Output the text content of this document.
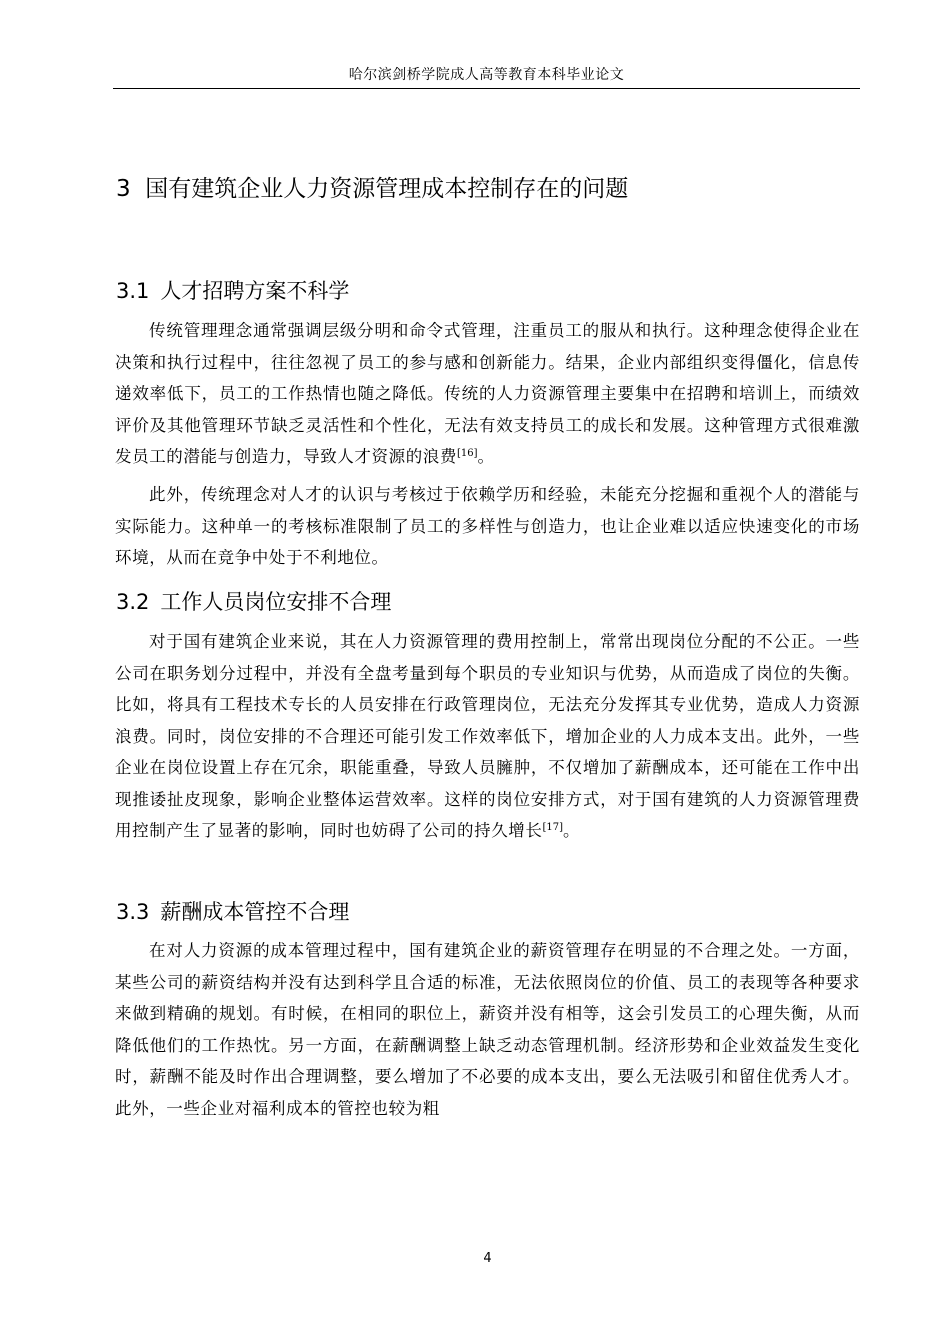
哈尔滨剑桥学院成人高等教育本科毕业论文
3 国有建筑企业人力资源管理成本控制存在的问题
3.1 人才招聘方案不科学

传统管理理念通常强调层级分明和命令式管理，注重员工的服从和执行。这种理念使得企业在决策和执行过程中，往往忽视了员工的参与感和创新能力。结果，企业内部组织变得僵化，信息传递效率低下，员工的工作热情也随之降低。传统的人力资源管理主要集中在招聘和培训上，而绩效评价及其他管理环节缺乏灵活性和个性化，无法有效支持员工的成长和发展。这种管理方式很难激发员工的潜能与创造力，导致人才资源的浪费[16]。

此外，传统理念对人才的认识与考核过于依赖学历和经验，未能充分挖掘和重视个人的潜能与实际能力。这种单一的考核标准限制了员工的多样性与创造力，也让企业难以适应快速变化的市场环境，从而在竞争中处于不利地位。

3.2 工作人员岗位安排不合理

对于国有建筑企业来说，其在人力资源管理的费用控制上，常常出现岗位分配的不公正。一些公司在职务划分过程中，并没有全盘考量到每个职员的专业知识与优势，从而造成了岗位的失衡。比如，将具有工程技术专长的人员安排在行政管理岗位，无法充分发挥其专业优势，造成人力资源浪费。同时，岗位安排的不合理还可能引发工作效率低下，增加企业的人力成本支出。此外，一些企业在岗位设置上存在冗余，职能重叠，导致人员臃肿，不仅增加了薪酬成本，还可能在工作中出现推诿扯皮现象，影响企业整体运营效率。这样的岗位安排方式，对于国有建筑的人力资源管理费用控制产生了显著的影响，同时也妨碍了公司的持久增长[17]。

3.3 薪酬成本管控不合理

在对人力资源的成本管理过程中，国有建筑企业的薪资管理存在明显的不合理之处。一方面，某些公司的薪资结构并没有达到科学且合适的标准，无法依照岗位的价值、员工的表现等各种要求来做到精确的规划。有时候，在相同的职位上，薪资并没有相等，这会引发员工的心理失衡，从而降低他们的工作热忱。另一方面，在薪酬调整上缺乏动态管理机制。经济形势和企业效益发生变化时，薪酬不能及时作出合理调整，要么增加了不必要的成本支出，要么无法吸引和留住优秀人才。此外，一些企业对福利成本的管控也较为粗

4
